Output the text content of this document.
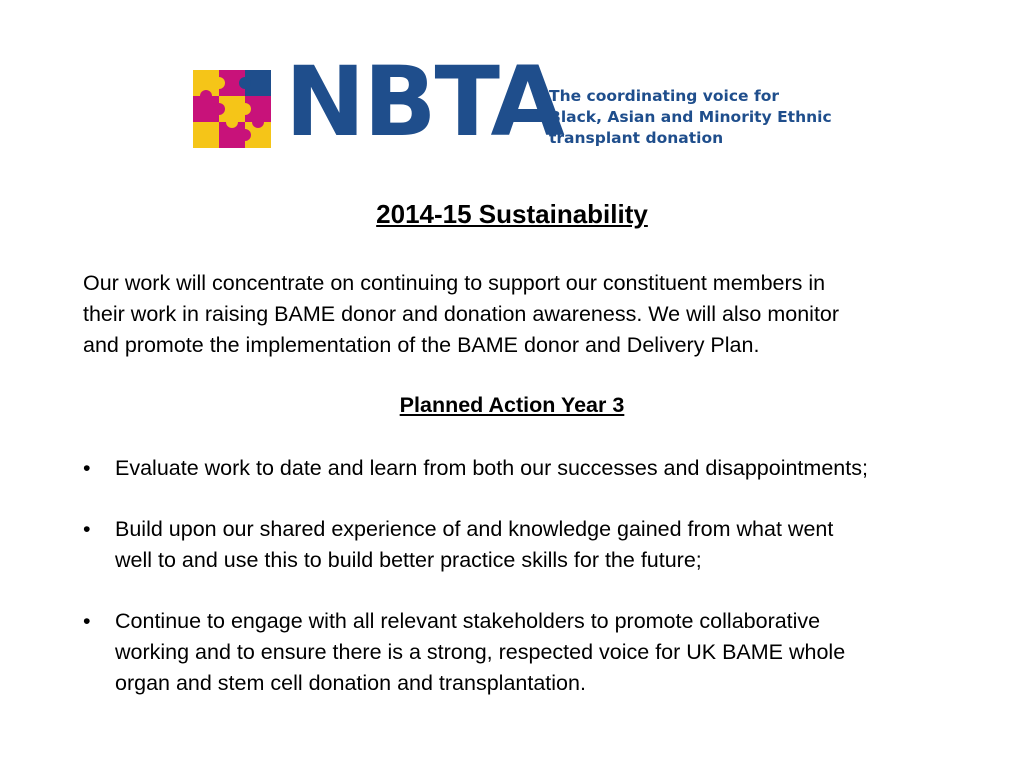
NBTA
The coordinating voice for
Black, Asian and Minority Ethnic
transplant donation
2014-15 Sustainability
Our work will concentrate on continuing to support our constituent members in
their work in raising BAME donor and donation awareness. We will also monitor
and promote the implementation of the BAME donor and Delivery Plan.
Planned Action Year 3
• Evaluate work to date and learn from both our successes and disappointments;
• Build upon our shared experience of and knowledge gained from what went
well to and use this to build better practice skills for the future;
• Continue to engage with all relevant stakeholders to promote collaborative
working and to ensure there is a strong, respected voice for UK BAME whole
organ and stem cell donation and transplantation.
